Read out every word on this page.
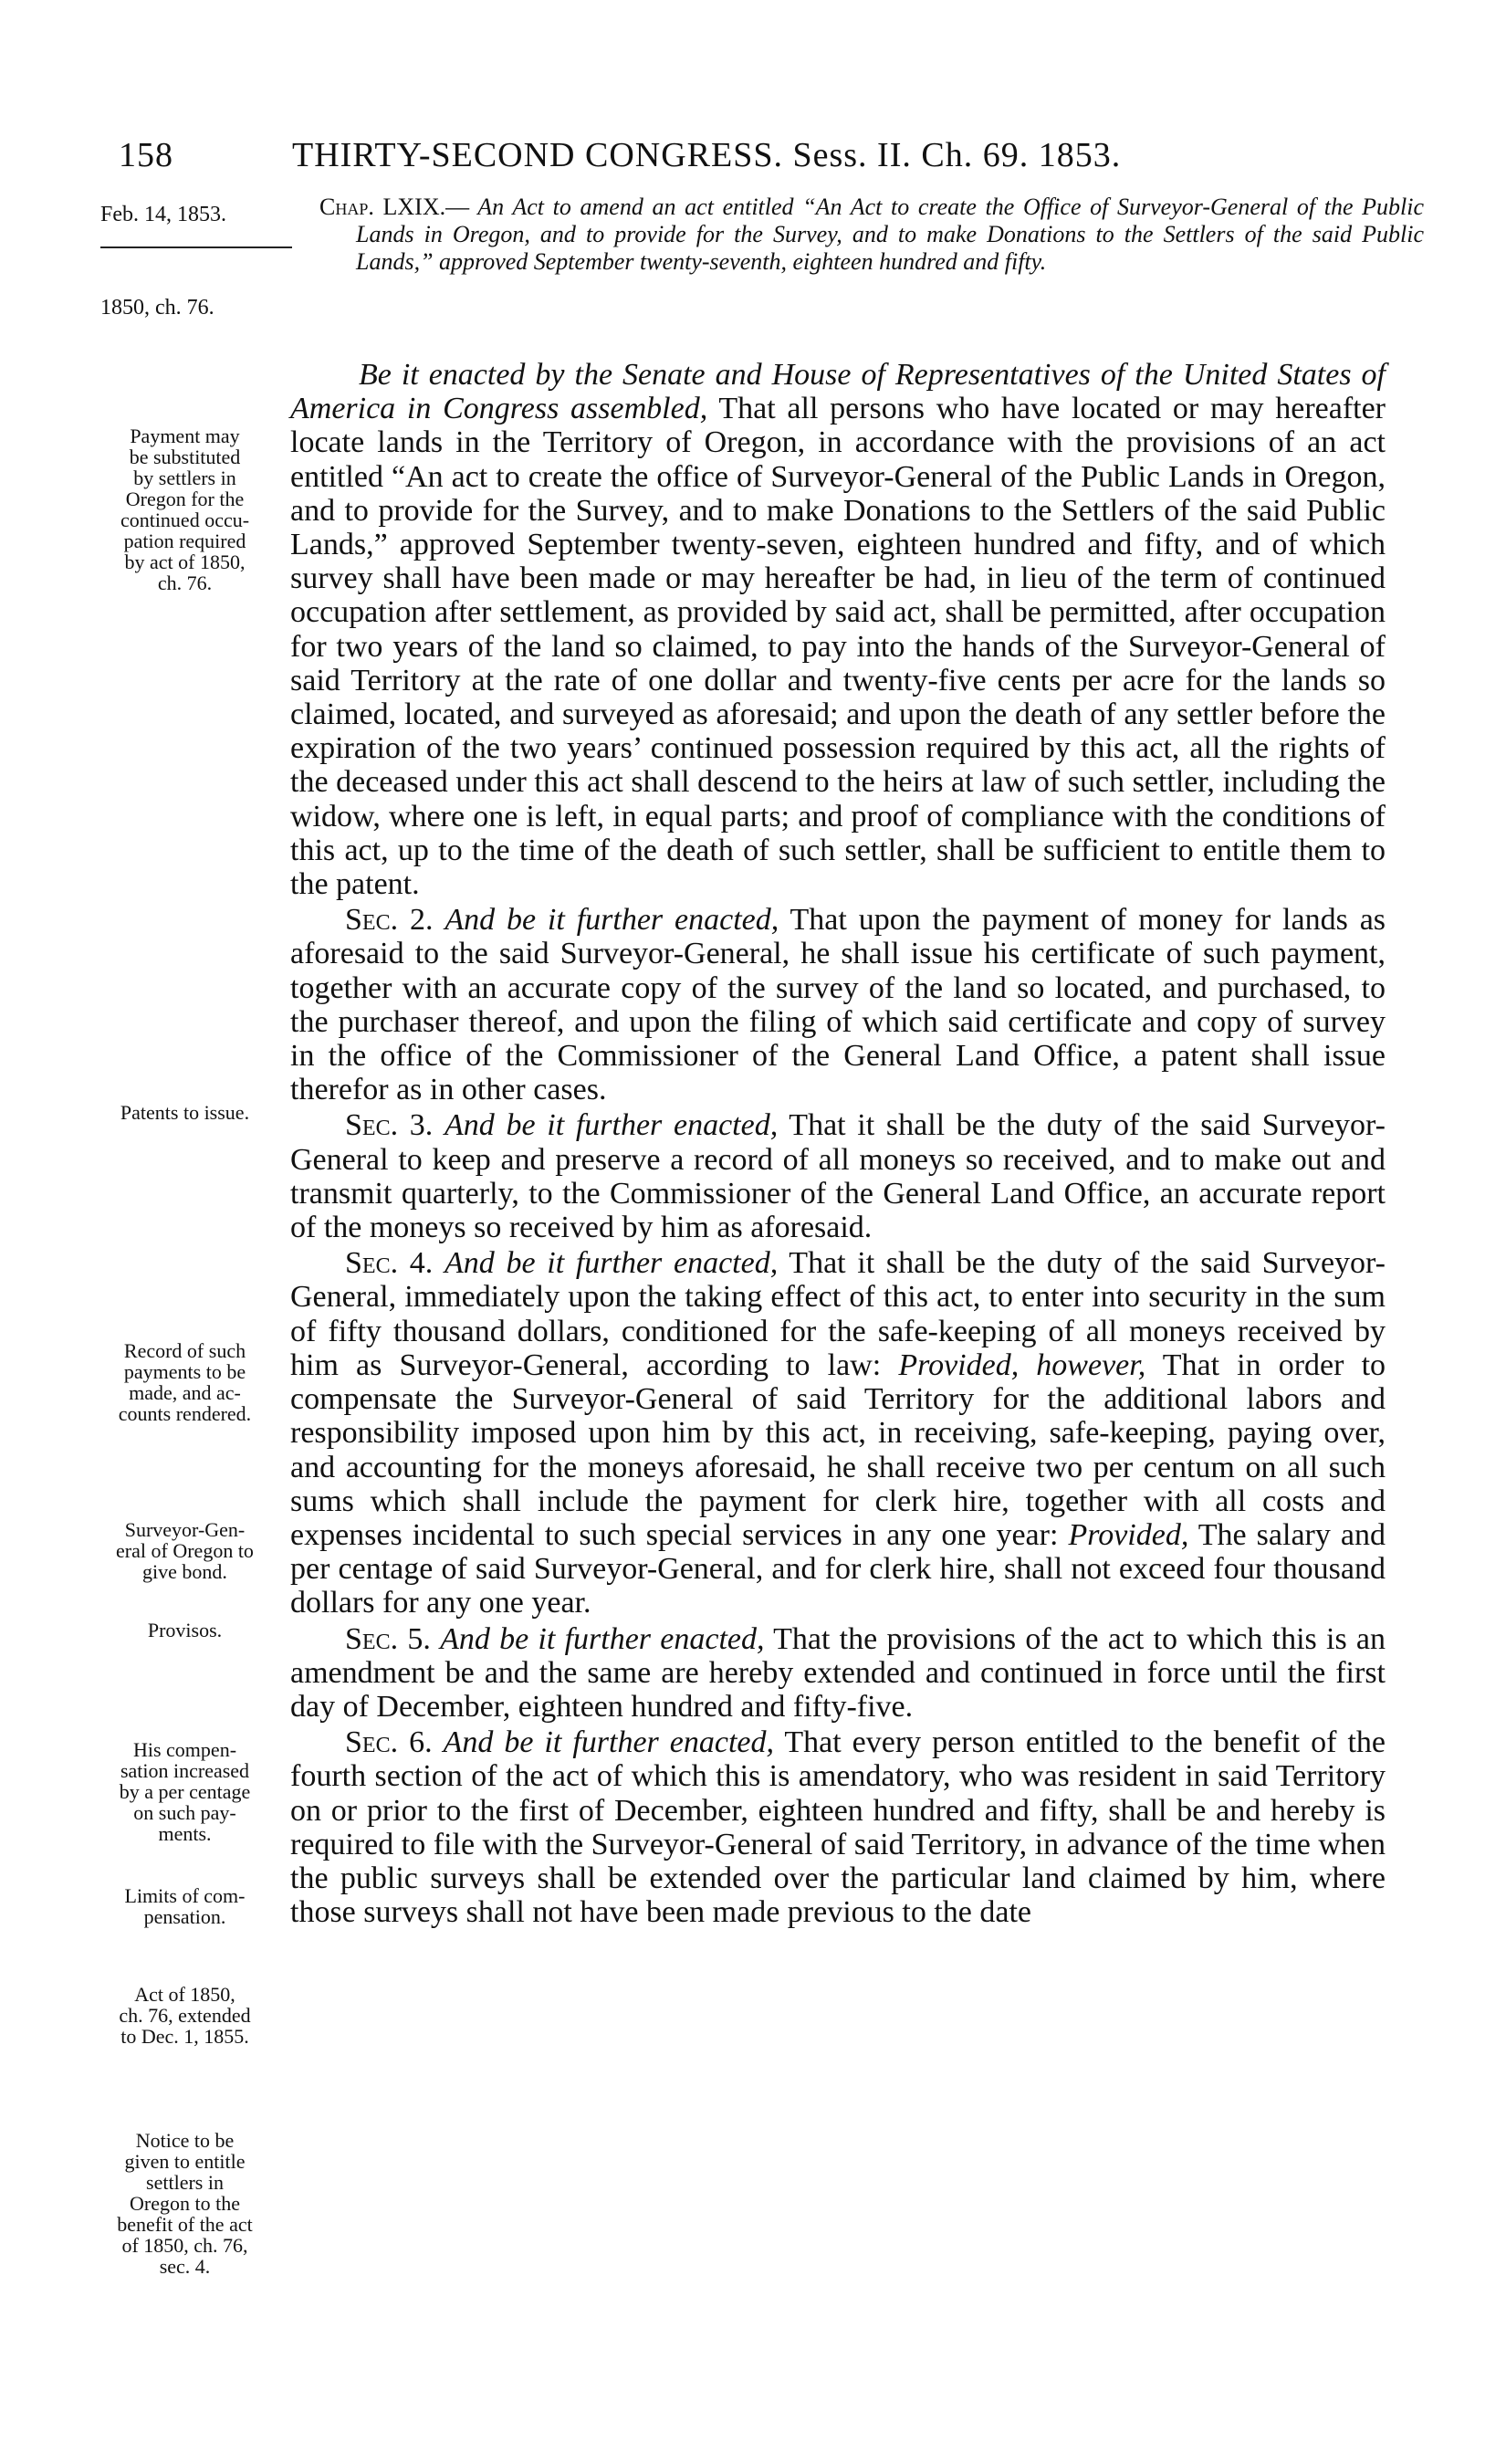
158	THIRTY-SECOND CONGRESS. Sess. II. Ch. 69. 1853.
Feb. 14, 1853.
1850, ch. 76.
Chap. LXIX.— An Act to amend an act entitled “An Act to create the Office of Surveyor-General of the Public Lands in Oregon, and to provide for the Survey, and to make Donations to the Settlers of the said Public Lands,” approved September twenty-seventh, eighteen hundred and fifty.

Be it enacted by the Senate and House of Representatives of the United States of America in Congress assembled, That all persons who have located or may hereafter locate lands in the Territory of Oregon, in accordance with the provisions of an act entitled “An act to create the office of Surveyor-General of the Public Lands in Oregon, and to provide for the Survey, and to make Donations to the Settlers of the said Public Lands,” approved September twenty-seven, eighteen hundred and fifty, and of which survey shall have been made or may hereafter be had, in lieu of the term of continued occupation after settlement, as provided by said act, shall be permitted, after occupation for two years of the land so claimed, to pay into the hands of the Surveyor-General of said Territory at the rate of one dollar and twenty-five cents per acre for the lands so claimed, located, and surveyed as aforesaid; and upon the death of any settler before the expiration of the two years’ continued possession required by this act, all the rights of the deceased under this act shall descend to the heirs at law of such settler, including the widow, where one is left, in equal parts; and proof of compliance with the conditions of this act, up to the time of the death of such settler, shall be sufficient to entitle them to the patent.

Sec. 2. And be it further enacted, That upon the payment of money for lands as aforesaid to the said Surveyor-General, he shall issue his certificate of such payment, together with an accurate copy of the survey of the land so located, and purchased, to the purchaser thereof, and upon the filing of which said certificate and copy of survey in the office of the Commissioner of the General Land Office, a patent shall issue therefor as in other cases.

Sec. 3. And be it further enacted, That it shall be the duty of the said Surveyor-General to keep and preserve a record of all moneys so received, and to make out and transmit quarterly, to the Commissioner of the General Land Office, an accurate report of the moneys so received by him as aforesaid.

Sec. 4. And be it further enacted, That it shall be the duty of the said Surveyor-General, immediately upon the taking effect of this act, to enter into security in the sum of fifty thousand dollars, conditioned for the safe-keeping of all moneys received by him as Surveyor-General, according to law: Provided, however, That in order to compensate the Surveyor-General of said Territory for the additional labors and responsibility imposed upon him by this act, in receiving, safe-keeping, paying over, and accounting for the moneys aforesaid, he shall receive two per centum on all such sums which shall include the payment for clerk hire, together with all costs and expenses incidental to such special services in any one year: Provided, The salary and per centage of said Surveyor-General, and for clerk hire, shall not exceed four thousand dollars for any one year.

Sec. 5. And be it further enacted, That the provisions of the act to which this is an amendment be and the same are hereby extended and continued in force until the first day of December, eighteen hundred and fifty-five.

Sec. 6. And be it further enacted, That every person entitled to the benefit of the fourth section of the act of which this is amendatory, who was resident in said Territory on or prior to the first of December, eighteen hundred and fifty, shall be and hereby is required to file with the Surveyor-General of said Territory, in advance of the time when the public surveys shall be extended over the particular land claimed by him, where those surveys shall not have been made previous to the date

Payment may
be substituted
by settlers in
Oregon for the
continued occu-
pation required
by act of 1850,
ch. 76.
Patents to issue.
Record of such
payments to be
made, and ac-
counts rendered.
Surveyor-Gen-
eral of Oregon to
give bond.
Provisos.
His compen-
sation increased
by a per centage
on such pay-
ments.
Limits of com-
pensation.
Act of 1850,
ch. 76, extended
to Dec. 1, 1855.
Notice to be
given to entitle
settlers in
Oregon to the
benefit of the act
of 1850, ch. 76,
sec. 4.
